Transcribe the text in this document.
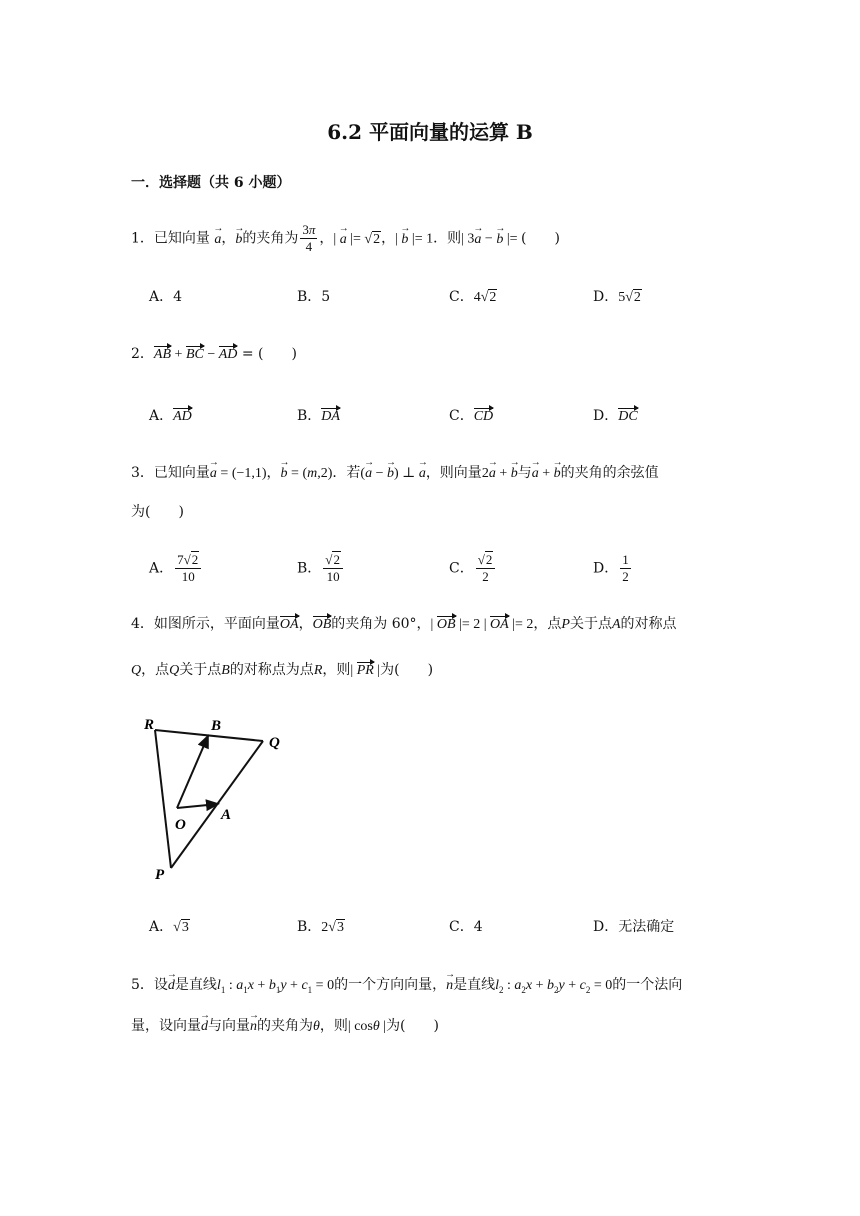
6.2 平面向量的运算 B
一．选择题（共 6 小题）
1．已知向量 → a，→ b的夹角为 $\frac{3\pi}{4}$ ，| → a |= √2，| → b |= 1．则| 3→ a − → b |= (　　)
A．4	B．5	C．4√2	D．5√2
2．AB + BC − AD = (　　)
A．AD	B．DA	C．CD	D．DC
3．已知向量→ a = (−1,1)，→ b = (m,2)．若(→ a − → b) ⊥ → a，则向量2→ a + → b与→ a + → b的夹角的余弦值
为(　　)
A． $\frac{7√2}{10}$	B． $\frac{√2}{10}$	C． $\frac{√2}{2}$	D． $\frac{1}{2}$
4．如图所示，平面向量OA，OB的夹角为 60°，| OB |= 2 | OA |= 2，点P关于点A的对称点
Q，点Q关于点B的对称点为点R，则| PR |为(　　)
R	B
Q
O
A
P
A．√3	B．2√3	C．4	D．无法确定
5．设→ d是直线$l_1$ : $a_1x + b_1y + c_1 = 0$的一个方向向量，→ n是直线$l_2$ : $a_2x + b_2y + c_2 = 0$的一个法向
量，设向量→ d与向量→ n的夹角为θ，则| cosθ |为(　　)
